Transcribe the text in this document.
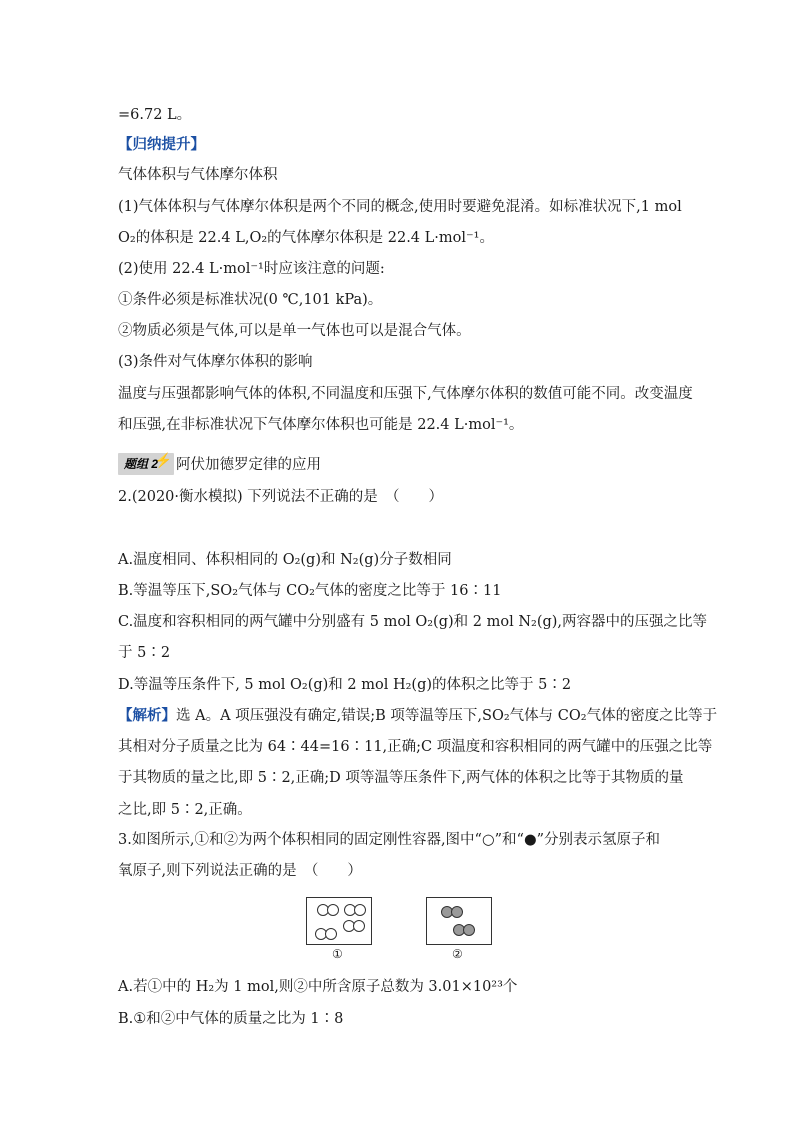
=6.72 L。
【归纳提升】
气体体积与气体摩尔体积
(1)气体体积与气体摩尔体积是两个不同的概念,使用时要避免混淆。如标准状况下,1 mol
O₂的体积是 22.4 L,O₂的气体摩尔体积是 22.4 L·mol⁻¹。
(2)使用 22.4 L·mol⁻¹时应该注意的问题:
①条件必须是标准状况(0 ℃,101 kPa)。
②物质必须是气体,可以是单一气体也可以是混合气体。
(3)条件对气体摩尔体积的影响
温度与压强都影响气体的体积,不同温度和压强下,气体摩尔体积的数值可能不同。改变温度
和压强,在非标准状况下气体摩尔体积也可能是 22.4 L·mol⁻¹。
题组 2
⚡ 阿伏加德罗定律的应用
2.(2020·衡水模拟) 下列说法不正确的是　（　　）
A.温度相同、体积相同的 O₂(g)和 N₂(g)分子数相同
B.等温等压下,SO₂气体与 CO₂气体的密度之比等于 16∶11
C.温度和容积相同的两气罐中分别盛有 5 mol O₂(g)和 2 mol N₂(g),两容器中的压强之比等
于 5∶2
D.等温等压条件下, 5 mol O₂(g)和 2 mol H₂(g)的体积之比等于 5∶2
【解析】选 A。A 项压强没有确定,错误;B 项等温等压下,SO₂气体与 CO₂气体的密度之比等于
其相对分子质量之比为 64∶44=16∶11,正确;C 项温度和容积相同的两气罐中的压强之比等
于其物质的量之比,即 5∶2,正确;D 项等温等压条件下,两气体的体积之比等于其物质的量
之比,即 5∶2,正确。
3.如图所示,①和②为两个体积相同的固定刚性容器,图中“○”和“●”分别表示氢原子和
氧原子,则下列说法正确的是　（　　）
①	②
A.若①中的 H₂为 1 mol,则②中所含原子总数为 3.01×10²³个
B.①和②中气体的质量之比为 1∶8
